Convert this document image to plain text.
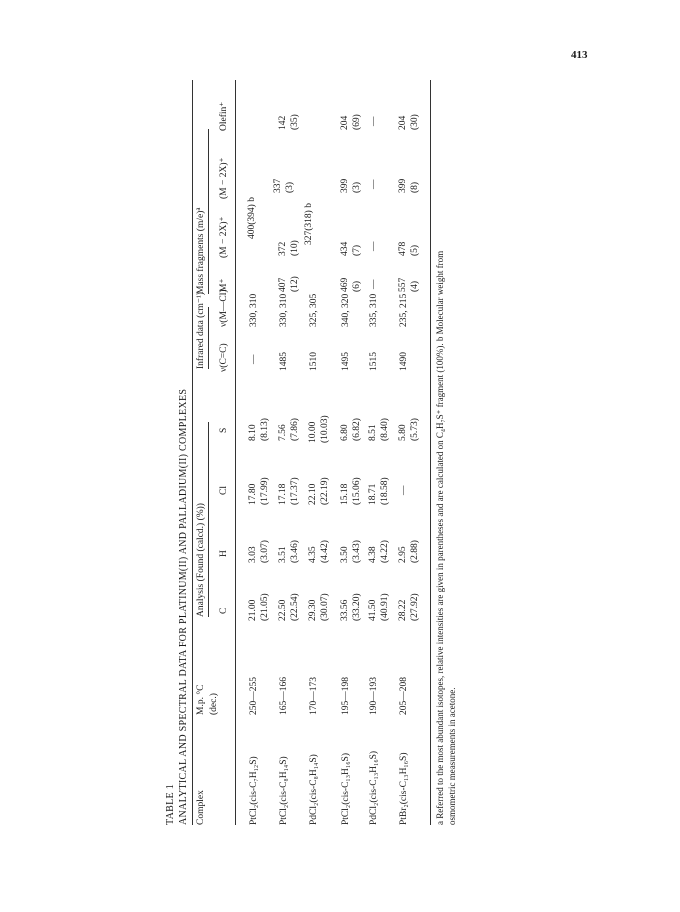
413
TABLE 1 ANALYTICAL AND SPECTRAL DATA FOR PLATINUM(II) AND PALLADIUM(II) COMPLEXES Complex
M.p. °C (dec.)
Analysis (Found (calcd.) (%))
Infrared data (cm⁻¹)
Mass fragments $(m/e)^a$
C
H
Cl
S
ν(C=C)
ν(M—Cl)
M⁺
(M − 2X)⁺
(M − 2X)⁺
Olefin⁺
PtCl₂(cis-C₇H₁₂S)
250—255
21.00 (21.05)
3.03 (3.07)
17.80 (17.99)
8.10 (8.13)
—
330, 310
400(394) b
PtCl₂(cis-C₈H₁₄S)
165—166
22.50 (22.54)
3.51 (3.46)
17.18 (17.37)
7.56 (7.86)
1485
330, 310
407 (12)
372 (10)
337 (3)
142 (35)
PdCl₂(cis-C₈H₁₄S)
170—173
29.30 (30.07)
4.35 (4.42)
22.10 (22.19)
10.00 (10.03)
1510
325, 305
327(318) b
PtCl₂(cis-C₁₃H₁₆S)
195—198
33.56 (33.20)
3.50 (3.43)
15.18 (15.06)
6.80 (6.82)
1495
340, 320
469 (6)
434 (7)
399 (3)
204 (69)
PdCl₂(cis-C₁₃H₁₆S)
190—193
41.50 (40.91)
4.38 (4.22)
18.71 (18.58)
8.51 (8.40)
1515
335, 310
—
—
—
—
PtBr₂(cis-C₁₃H₁₆S)
205—208
28.22 (27.92)
2.95 (2.88)
—
5.80 (5.73)
1490
235, 215
557 (4)
478 (5)
399 (8)
204 (30)
a Referred to the most abundant isotopes, relative intensities are given in parentheses and are calculated on C₄H₇S⁺ fragment (100%). b Molecular weight from osmometric measurements in acetone.
